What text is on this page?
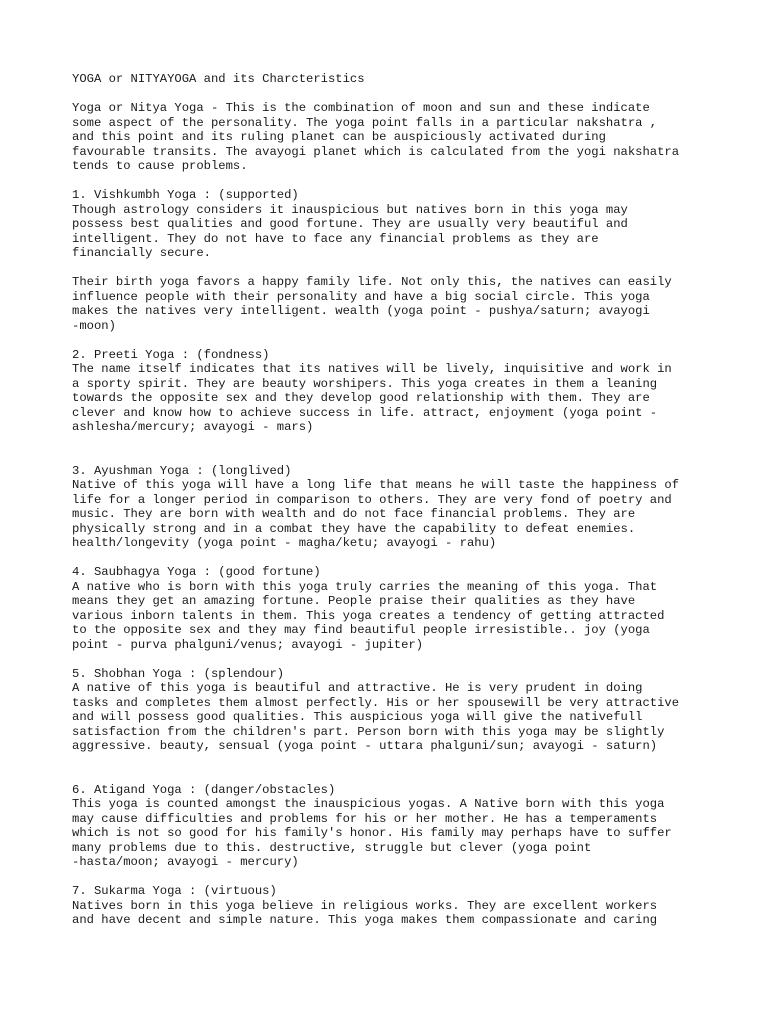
YOGA or NITYAYOGA and its Charcteristics
Yoga or Nitya Yoga - This is the combination of moon and sun and these indicate
some aspect of the personality. The yoga point falls in a particular nakshatra ,
and this point and its ruling planet can be auspiciously activated during
favourable transits. The avayogi planet which is calculated from the yogi nakshatra
tends to cause problems.
1. Vishkumbh Yoga : (supported)
Though astrology considers it inauspicious but natives born in this yoga may
possess best qualities and good fortune. They are usually very beautiful and
intelligent. They do not have to face any financial problems as they are
financially secure.
Their birth yoga favors a happy family life. Not only this, the natives can easily
influence people with their personality and have a big social circle. This yoga
makes the natives very intelligent. wealth (yoga point - pushya/saturn; avayogi
-moon)
2. Preeti Yoga : (fondness)
The name itself indicates that its natives will be lively, inquisitive and work in
a sporty spirit. They are beauty worshipers. This yoga creates in them a leaning
towards the opposite sex and they develop good relationship with them. They are
clever and know how to achieve success in life. attract, enjoyment (yoga point -
ashlesha/mercury; avayogi - mars)
3. Ayushman Yoga : (longlived)
Native of this yoga will have a long life that means he will taste the happiness of
life for a longer period in comparison to others. They are very fond of poetry and
music. They are born with wealth and do not face financial problems. They are
physically strong and in a combat they have the capability to defeat enemies.
health/longevity (yoga point - magha/ketu; avayogi - rahu)
4. Saubhagya Yoga : (good fortune)
A native who is born with this yoga truly carries the meaning of this yoga. That
means they get an amazing fortune. People praise their qualities as they have
various inborn talents in them. This yoga creates a tendency of getting attracted
to the opposite sex and they may find beautiful people irresistible.. joy (yoga
point - purva phalguni/venus; avayogi - jupiter)
5. Shobhan Yoga : (splendour)
A native of this yoga is beautiful and attractive. He is very prudent in doing
tasks and completes them almost perfectly. His or her spousewill be very attractive
and will possess good qualities. This auspicious yoga will give the nativefull
satisfaction from the children's part. Person born with this yoga may be slightly
aggressive. beauty, sensual (yoga point - uttara phalguni/sun; avayogi - saturn)
6. Atigand Yoga : (danger/obstacles)
This yoga is counted amongst the inauspicious yogas. A Native born with this yoga
may cause difficulties and problems for his or her mother. He has a temperaments
which is not so good for his family's honor. His family may perhaps have to suffer
many problems due to this. destructive, struggle but clever (yoga point
-hasta/moon; avayogi - mercury)
7. Sukarma Yoga : (virtuous)
Natives born in this yoga believe in religious works. They are excellent workers
and have decent and simple nature. This yoga makes them compassionate and caring
